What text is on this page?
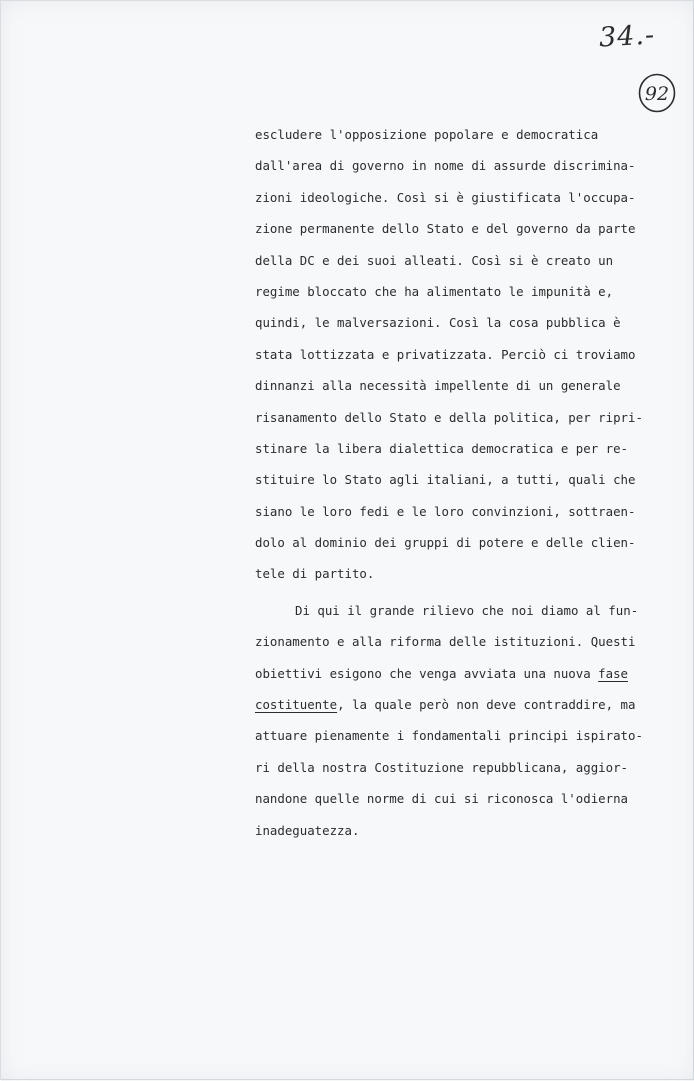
34.-
92
escludere l'opposizione popolare e democratica
dall'area di governo in nome di assurde discrimina-
zioni ideologiche. Così si è giustificata l'occupa-
zione permanente dello Stato e del governo da parte
della DC e dei suoi alleati. Così si è creato un
regime bloccato che ha alimentato le impunità e,
quindi, le malversazioni. Così la cosa pubblica è
stata lottizzata e privatizzata. Perciò ci troviamo
dinnanzi alla necessità impellente di un generale
risanamento dello Stato e della politica, per ripri-
stinare la libera dialettica democratica e per re-
stituire lo Stato agli italiani, a tutti, quali che
siano le loro fedi e le loro convinzioni, sottraen-
dolo al dominio dei gruppi di potere e delle clien-
tele di partito.
Di qui il grande rilievo che noi diamo al fun-
zionamento e alla riforma delle istituzioni. Questi
obiettivi esigono che venga avviata una nuova fase
costituente, la quale però non deve contraddire, ma
attuare pienamente i fondamentali principi ispirato-
ri della nostra Costituzione repubblicana, aggior-
nandone quelle norme di cui si riconosca l'odierna
inadeguatezza.
